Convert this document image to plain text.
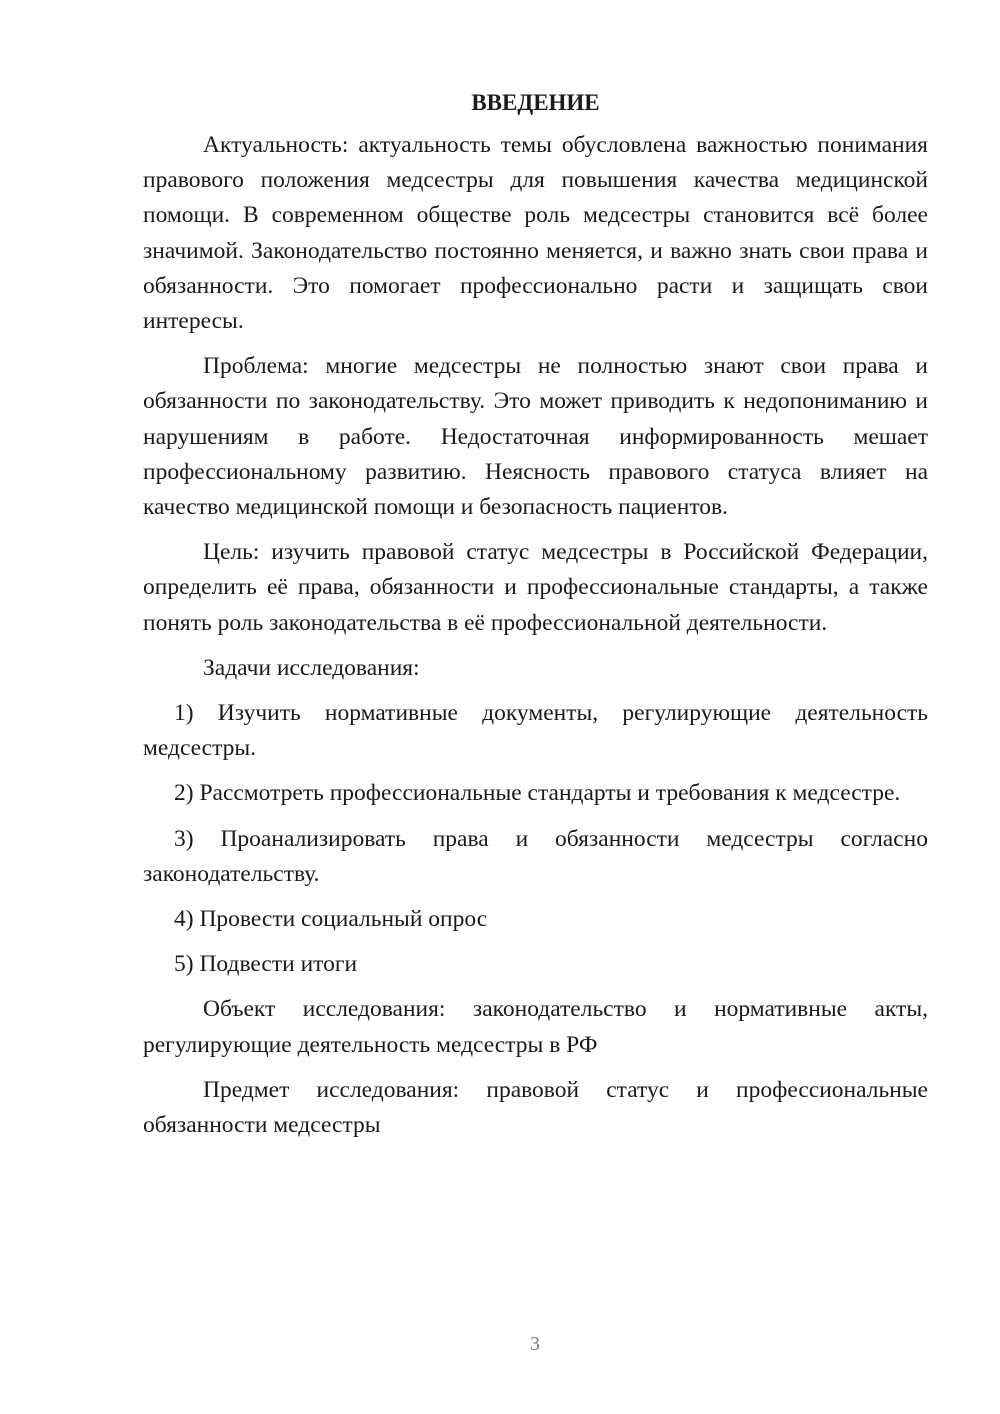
ВВЕДЕНИЕ

Актуальность: актуальность темы обусловлена важностью понимания правового положения медсестры для повышения качества медицинской помощи. В современном обществе роль медсестры становится всё более значимой. Законодательство постоянно меняется, и важно знать свои права и обязанности. Это помогает профессионально расти и защищать свои интересы.

Проблема: многие медсестры не полностью знают свои права и обязанности по законодательству. Это может приводить к недопониманию и нарушениям в работе. Недостаточная информированность мешает профессиональному развитию. Неясность правового статуса влияет на качество медицинской помощи и безопасность пациентов.

Цель: изучить правовой статус медсестры в Российской Федерации, определить её права, обязанности и профессиональные стандарты, а также понять роль законодательства в её профессиональной деятельности.

Задачи исследования:

1) Изучить нормативные документы, регулирующие деятельность медсестры.

2) Рассмотреть профессиональные стандарты и требования к медсестре.

3) Проанализировать права и обязанности медсестры согласно законодательству.

4) Провести социальный опрос

5) Подвести итоги

Объект исследования: законодательство и нормативные акты, регулирующие деятельность медсестры в РФ

Предмет исследования: правовой статус и профессиональные обязанности медсестры

3
